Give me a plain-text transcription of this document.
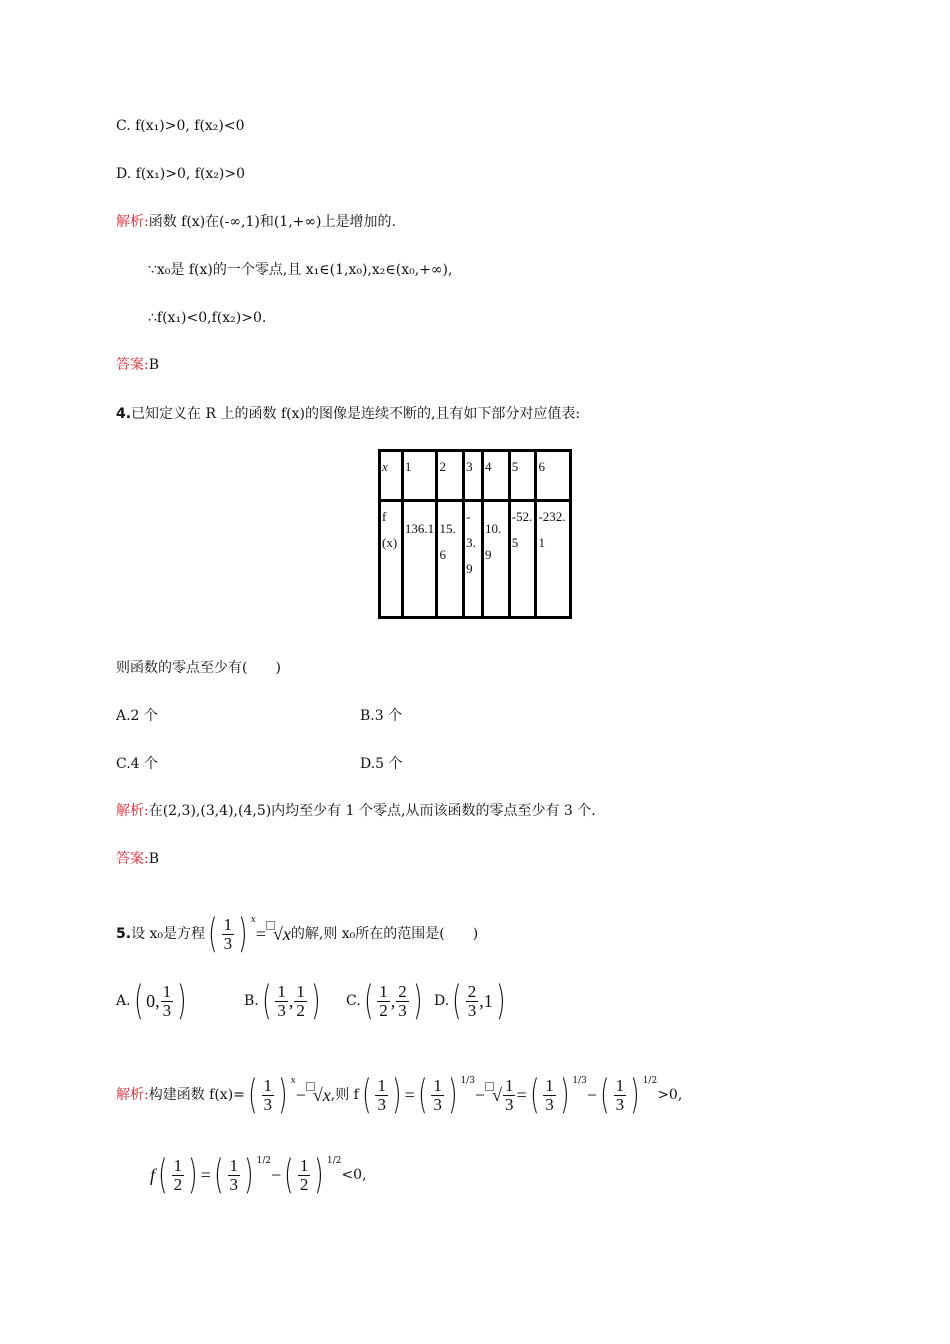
C. f(x₁)>0, f(x₂)<0
D. f(x₁)>0, f(x₂)>0
解析:函数 f(x)在(-∞,1)和(1,+∞)上是增加的.
∵x₀是 f(x)的一个零点,且 x₁∈(1,x₀),x₂∈(x₀,+∞),
∴f(x₁)<0,f(x₂)>0.
答案:B
4.已知定义在 R 上的函数 f(x)的图像是连续不断的,且有如下部分对应值表:
x	1	2	3	4	5	6
f(x)	136.1	15.6	-3.9	10.9	-52.5	-232.1
则函数的零点至少有(　　)
A.2 个	B.3 个
C.4 个	D.5 个
解析:在(2,3),(3,4),(4,5)内均至少有 1 个零点,从而该函数的零点至少有 3 个.
答案:B
5.设 x₀是方程( $\frac{1}{3}$ ) $^x$= √x的解,则 x₀所在的范围是(　　)
A.( 0, $\frac{1}{3}$ )	$B.( \frac{1}{3}$ , $\frac{1}{2}$ ) $C.( \frac{1}{2}$ , $\frac{2}{3}$ ) $D.( \frac{2}{3} ,1)$
解析:构建函数 $f(x)=( \frac{1}{3}$ ) $^x$− √x,则 $f( \frac{1}{3}$ ) =( $\frac{1}{3}$ ) $^{1/3}$− √ $\frac{1}{3}$ =( $\frac{1}{3}$ ) $^{1/3}-( \frac{1}{3}$ ) $^{1/2}$>0,
$f( \frac{1}{2}$ ) =( $\frac{1}{3}$ ) $^{1/2}-( \frac{1}{2}$ ) $^{1/2}$<0,
